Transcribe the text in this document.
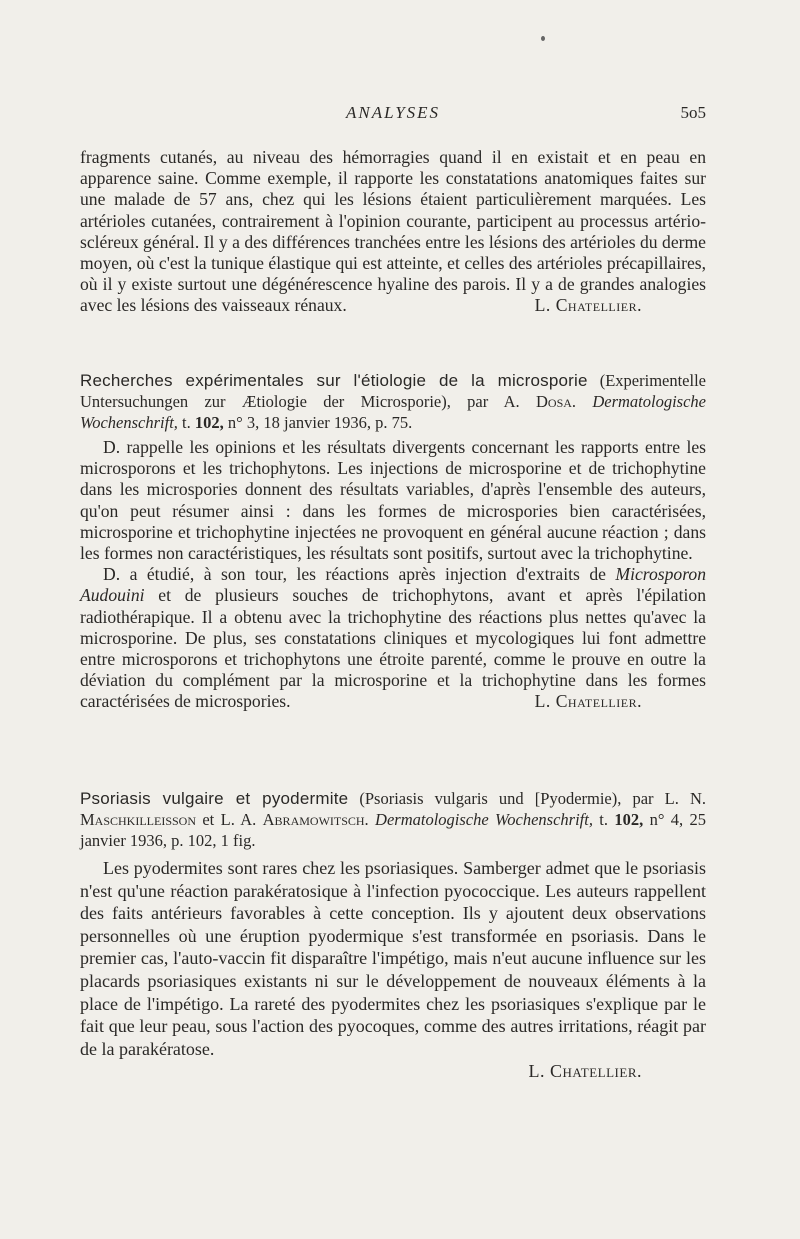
ANALYSES	5o5

fragments cutanés, au niveau des hémorragies quand il en existait et en peau en apparence saine. Comme exemple, il rapporte les constatations anatomiques faites sur une malade de 57 ans, chez qui les lésions étaient particulièrement marquées. Les artérioles cutanées, contrairement à l'opinion courante, participent au processus artério-scléreux général. Il y a des différences tranchées entre les lésions des artérioles du derme moyen, où c'est la tunique élastique qui est atteinte, et celles des artérioles précapillaires, où il y existe surtout une dégénérescence hyaline des parois. Il y a de grandes analogies avec les lésions des vaisseaux rénaux.	L. Chatellier.

Recherches expérimentales sur l'étiologie de la microsporie (Experimentelle Untersuchungen zur Ætiologie der Microsporie), par A. Dosa. Dermatologische Wochenschrift, t. 102, n° 3, 18 janvier 1936, p. 75.

D. rappelle les opinions et les résultats divergents concernant les rapports entre les microsporons et les trichophytons. Les injections de microsporine et de trichophytine dans les microspories donnent des résultats variables, d'après l'ensemble des auteurs, qu'on peut résumer ainsi : dans les formes de microspories bien caractérisées, microsporine et trichophytine injectées ne provoquent en général aucune réaction ; dans les formes non caractéristiques, les résultats sont positifs, surtout avec la trichophytine.

D. a étudié, à son tour, les réactions après injection d'extraits de Microsporon Audouini et de plusieurs souches de trichophytons, avant et après l'épilation radiothérapique. Il a obtenu avec la trichophytine des réactions plus nettes qu'avec la microsporine. De plus, ses constatations cliniques et mycologiques lui font admettre entre microsporons et trichophytons une étroite parenté, comme le prouve en outre la déviation du complément par la microsporine et la trichophytine dans les formes caractérisées de microspories.	L. Chatellier.

Psoriasis vulgaire et pyodermite (Psoriasis vulgaris und [Pyodermie), par L. N. Maschkilleisson et L. A. Abramowitsch. Dermatologische Wochenschrift, t. 102, n° 4, 25 janvier 1936, p. 102, 1 fig.

Les pyodermites sont rares chez les psoriasiques. Samberger admet que le psoriasis n'est qu'une réaction parakératosique à l'infection pyococcique. Les auteurs rappellent des faits antérieurs favorables à cette conception. Ils y ajoutent deux observations personnelles où une éruption pyodermique s'est transformée en psoriasis. Dans le premier cas, l'auto-vaccin fit disparaître l'impétigo, mais n'eut aucune influence sur les placards psoriasiques existants ni sur le développement de nouveaux éléments à la place de l'impétigo. La rareté des pyodermites chez les psoriasiques s'explique par le fait que leur peau, sous l'action des pyocoques, comme des autres irritations, réagit par de la parakératose.

L. Chatellier.
